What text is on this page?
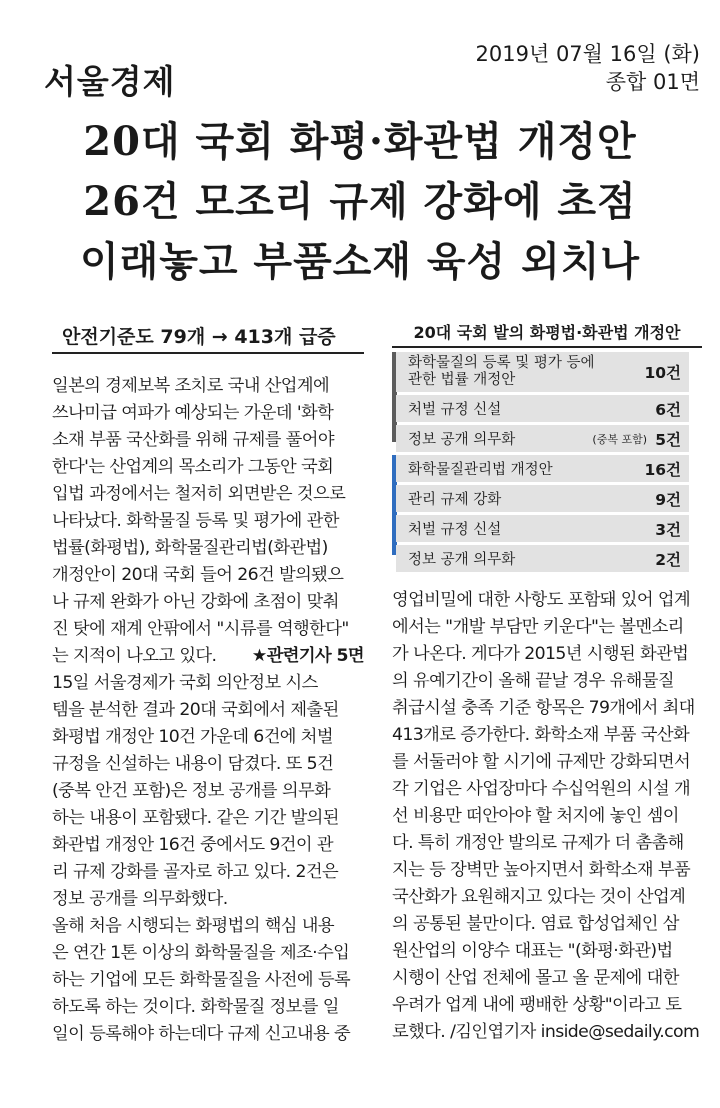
서울경제
2019년 07월 16일 (화)
종합 01면
20대 국회 화평·화관법 개정안
26건 모조리 규제 강화에 초점
이래놓고 부품소재 육성 외치나
안전기준도 79개 → 413개 급증
일본의 경제보복 조치로 국내 산업계에
쓰나미급 여파가 예상되는 가운데 '화학
소재 부품 국산화를 위해 규제를 풀어야
한다'는 산업계의 목소리가 그동안 국회
입법 과정에서는 철저히 외면받은 것으로
나타났다. 화학물질 등록 및 평가에 관한
법률(화평법), 화학물질관리법(화관법)
개정안이 20대 국회 들어 26건 발의됐으
나 규제 완화가 아닌 강화에 초점이 맞춰
진 탓에 재계 안팎에서 "시류를 역행한다"
는 지적이 나오고 있다. ★관련기사 5면
15일 서울경제가 국회 의안정보 시스
템을 분석한 결과 20대 국회에서 제출된
화평법 개정안 10건 가운데 6건에 처벌
규정을 신설하는 내용이 담겼다. 또 5건
(중복 안건 포함)은 정보 공개를 의무화
하는 내용이 포함됐다. 같은 기간 발의된
화관법 개정안 16건 중에서도 9건이 관
리 규제 강화를 골자로 하고 있다. 2건은
정보 공개를 의무화했다.
올해 처음 시행되는 화평법의 핵심 내용
은 연간 1톤 이상의 화학물질을 제조·수입
하는 기업에 모든 화학물질을 사전에 등록
하도록 하는 것이다. 화학물질 정보를 일
일이 등록해야 하는데다 규제 신고내용 중
20대 국회 발의 화평법·화관법 개정안
화학물질의 등록 및 평가 등에 관한 법률 개정안	10건
처벌 규정 신설	6건
정보 공개 의무화	(중복 포함) 5건
화학물질관리법 개정안	16건
관리 규제 강화	9건
처벌 규정 신설	3건
정보 공개 의무화	2건
영업비밀에 대한 사항도 포함돼 있어 업계
에서는 "개발 부담만 키운다"는 볼멘소리
가 나온다. 게다가 2015년 시행된 화관법
의 유예기간이 올해 끝날 경우 유해물질
취급시설 충족 기준 항목은 79개에서 최대
413개로 증가한다. 화학소재 부품 국산화
를 서둘러야 할 시기에 규제만 강화되면서
각 기업은 사업장마다 수십억원의 시설 개
선 비용만 떠안아야 할 처지에 놓인 셈이
다. 특히 개정안 발의로 규제가 더 촘촘해
지는 등 장벽만 높아지면서 화학소재 부품
국산화가 요원해지고 있다는 것이 산업계
의 공통된 불만이다. 염료 합성업체인 삼
원산업의 이양수 대표는 "(화평·화관)법
시행이 산업 전체에 몰고 올 문제에 대한
우려가 업계 내에 팽배한 상황"이라고 토
로했다. /김인엽기자 inside@sedaily.com
